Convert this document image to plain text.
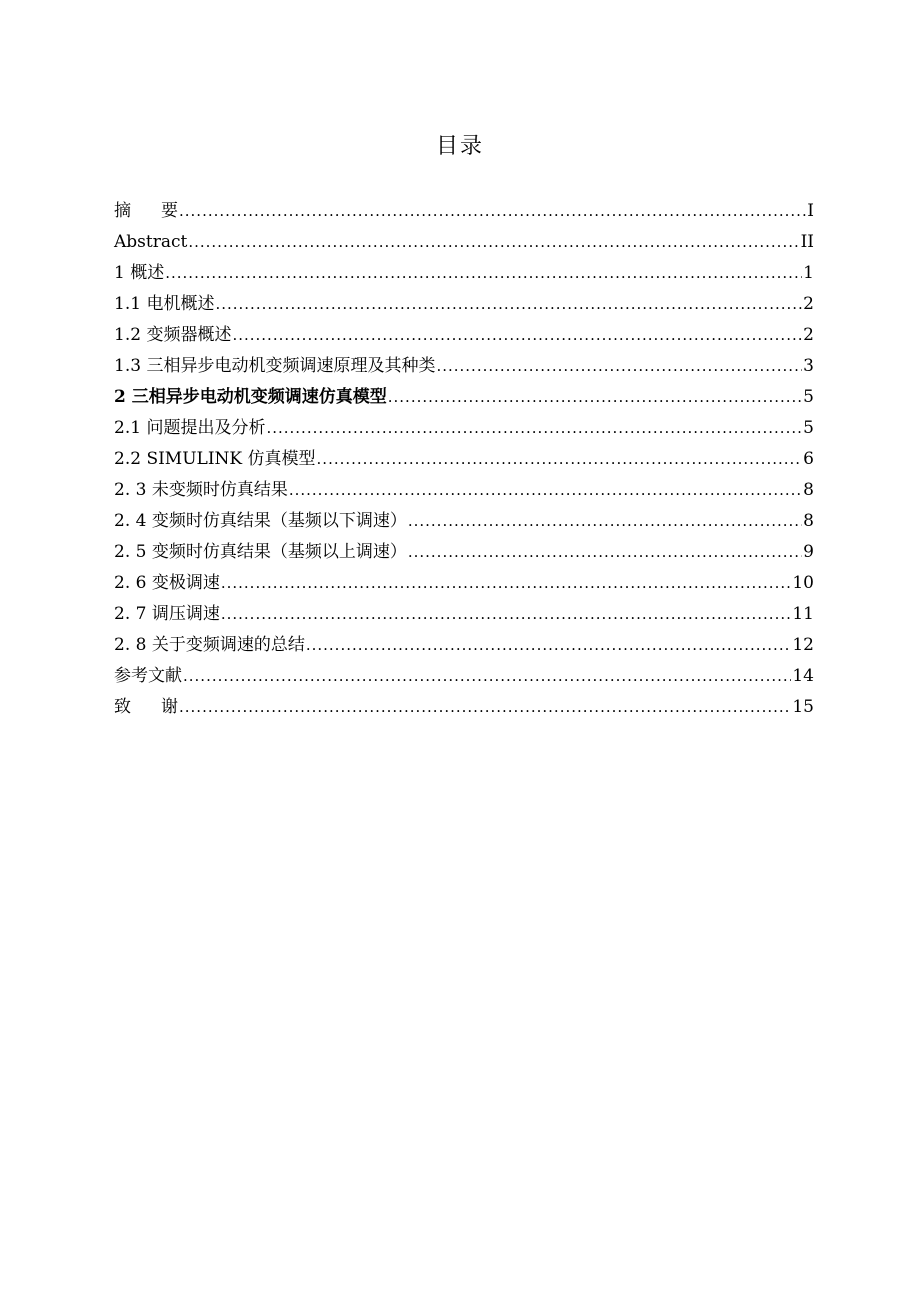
目录
摘要 .....	I
Abstract .....	II
1 概述 .....	1
1.1 电机概述 .....	2
1.2 变频器概述 .....	2
1.3 三相异步电动机变频调速原理及其种类 .....	3
2 三相异步电动机变频调速仿真模型 .....	5
2.1 问题提出及分析 .....	5
2.2 SIMULINK 仿真模型 .....	6
2. 3 未变频时仿真结果 .....	8
2. 4 变频时仿真结果（基频以下调速） .....	8
2. 5 变频时仿真结果（基频以上调速） .....	9
2. 6 变极调速 .....	10
2. 7 调压调速 .....	11
2. 8 关于变频调速的总结 .....	12
参考文献 .....	14
致谢 .....	15
